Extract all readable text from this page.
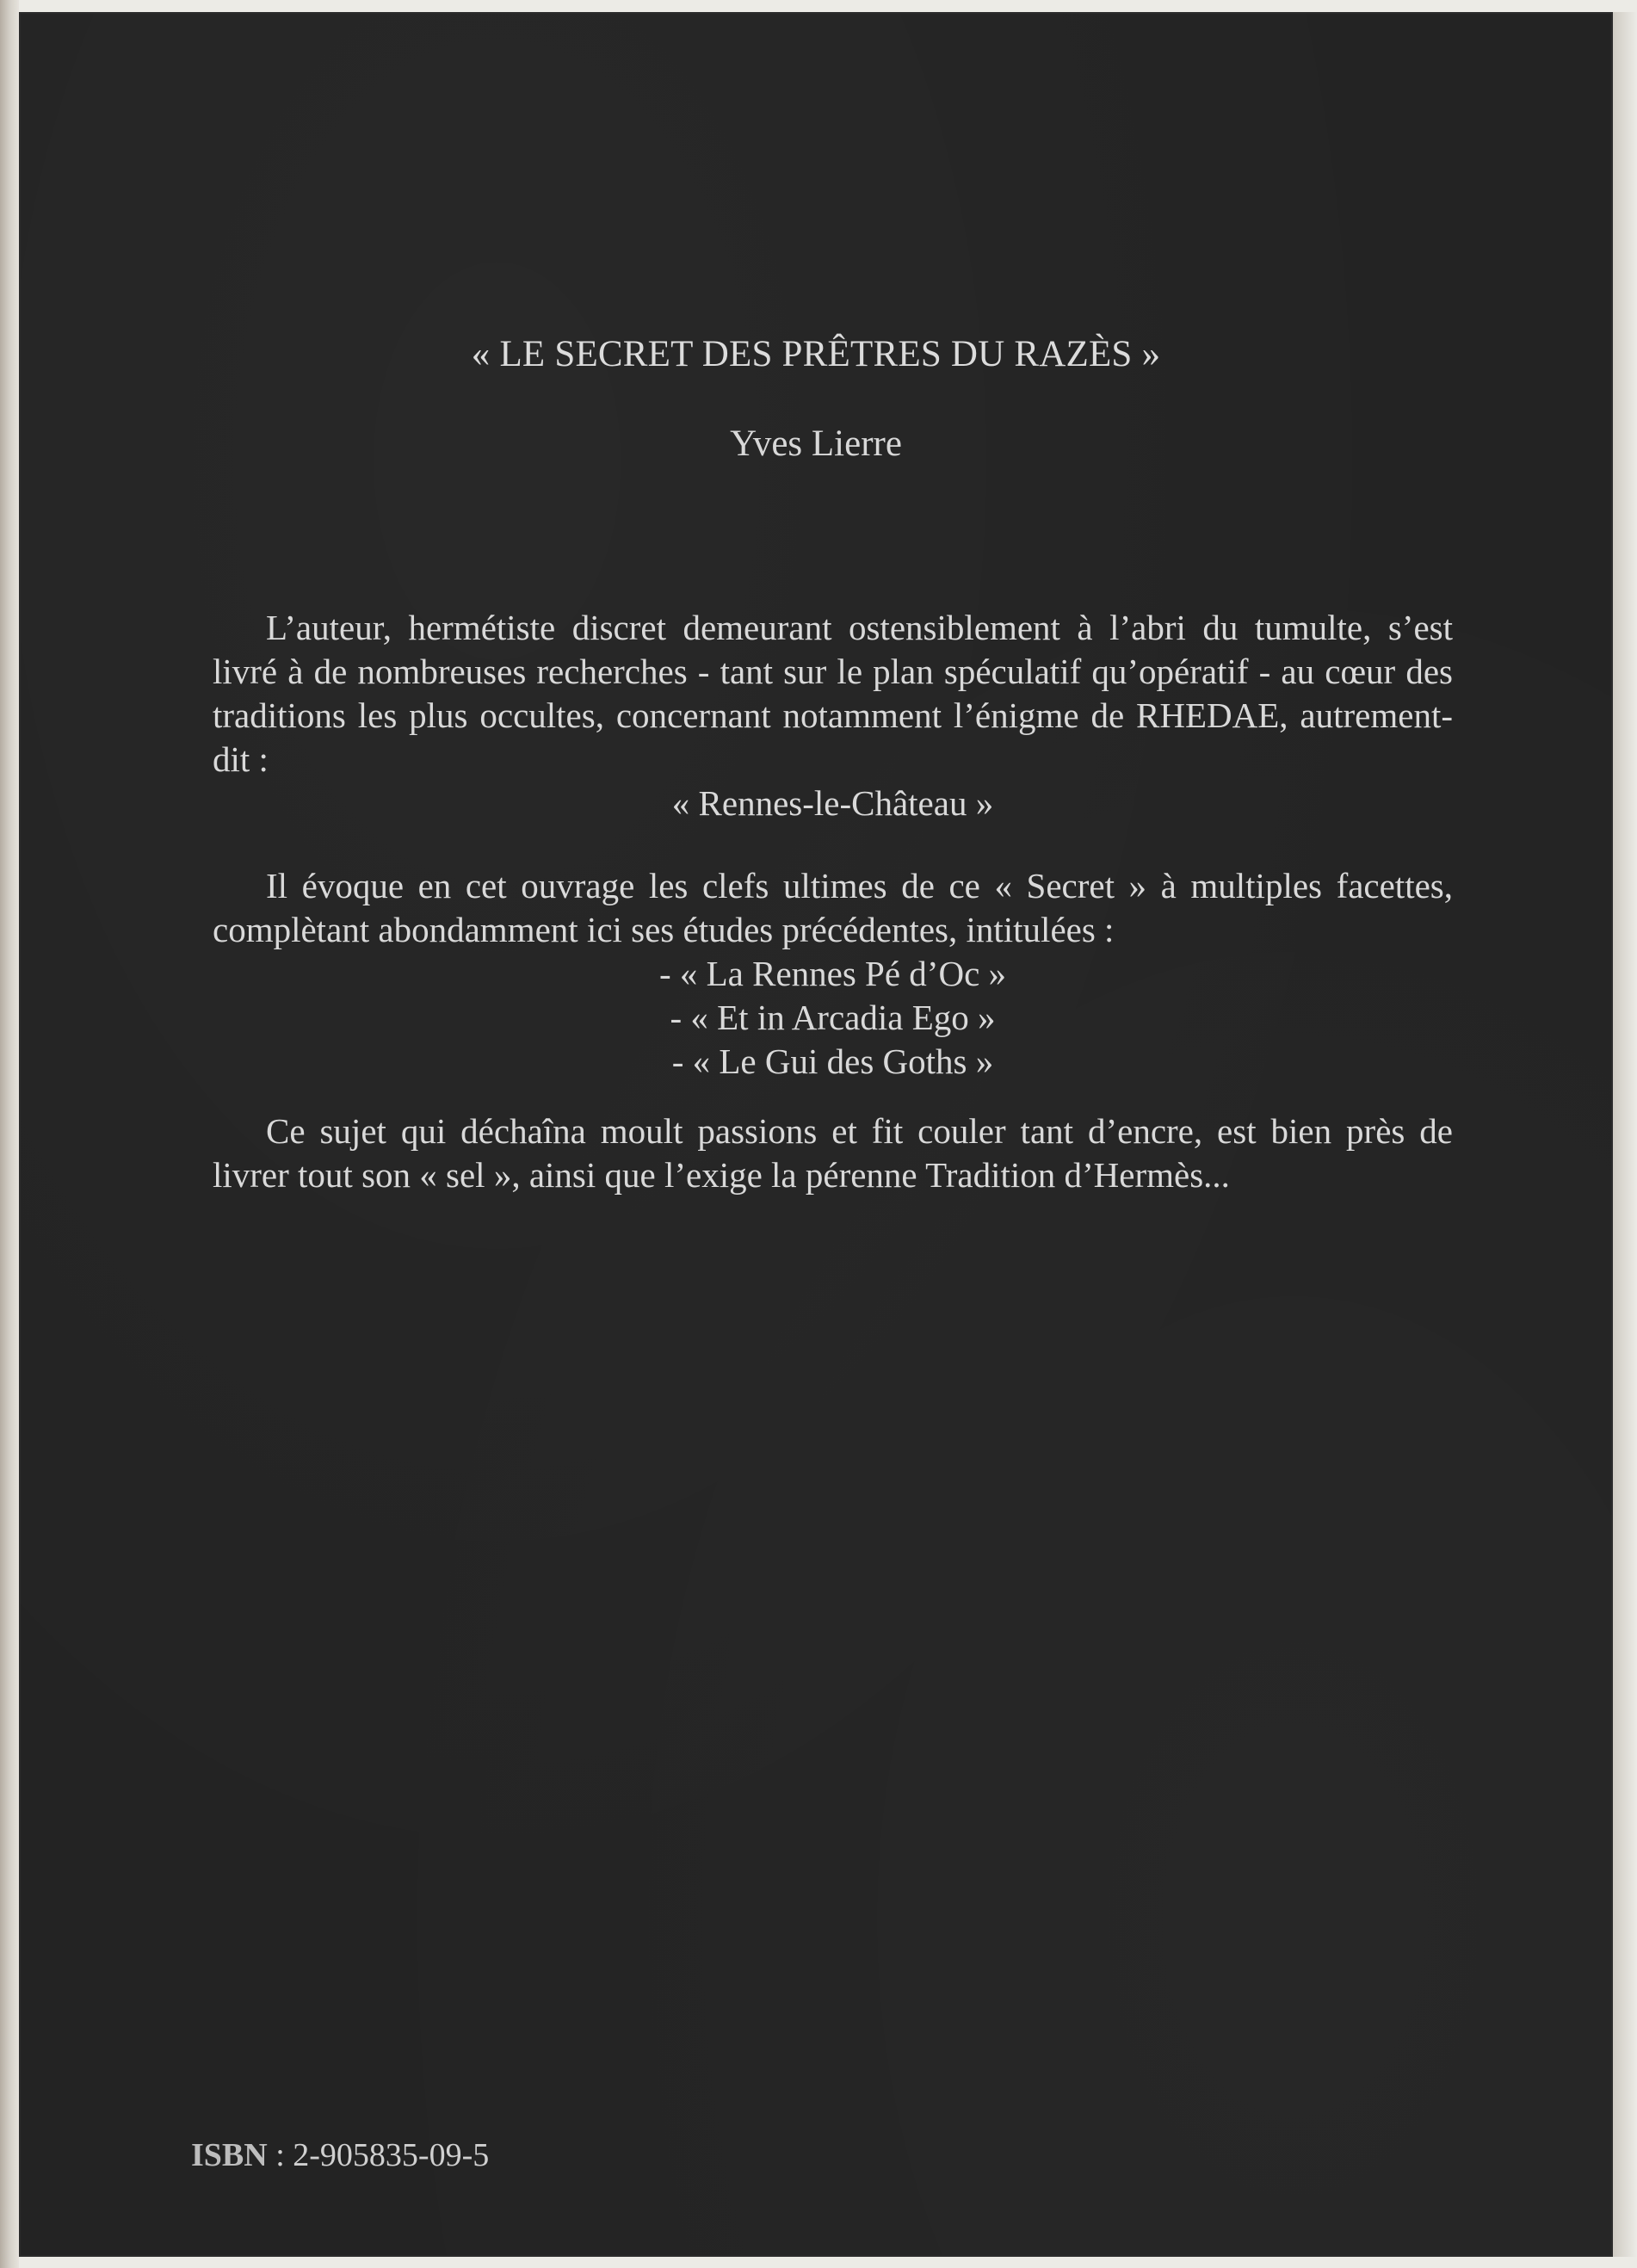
« LE SECRET DES PRÊTRES DU RAZÈS »

Yves Lierre

L’auteur, hermétiste discret demeurant ostensiblement à l’abri du tumulte, s’est livré à de nombreuses recherches - tant sur le plan spéculatif qu’opératif - au cœur des traditions les plus occultes, concernant notamment l’énigme de RHEDAE, autrement-dit :

« Rennes-le-Château »

Il évoque en cet ouvrage les clefs ultimes de ce « Secret » à multiples facettes, complètant abondamment ici ses études précédentes, intitulées :

- « La Rennes Pé d’Oc »

- « Et in Arcadia Ego »

- « Le Gui des Goths »

Ce sujet qui déchaîna moult passions et fit couler tant d’encre, est bien près de livrer tout son « sel », ainsi que l’exige la pérenne Tradition d’Hermès...

ISBN : 2-905835-09-5
